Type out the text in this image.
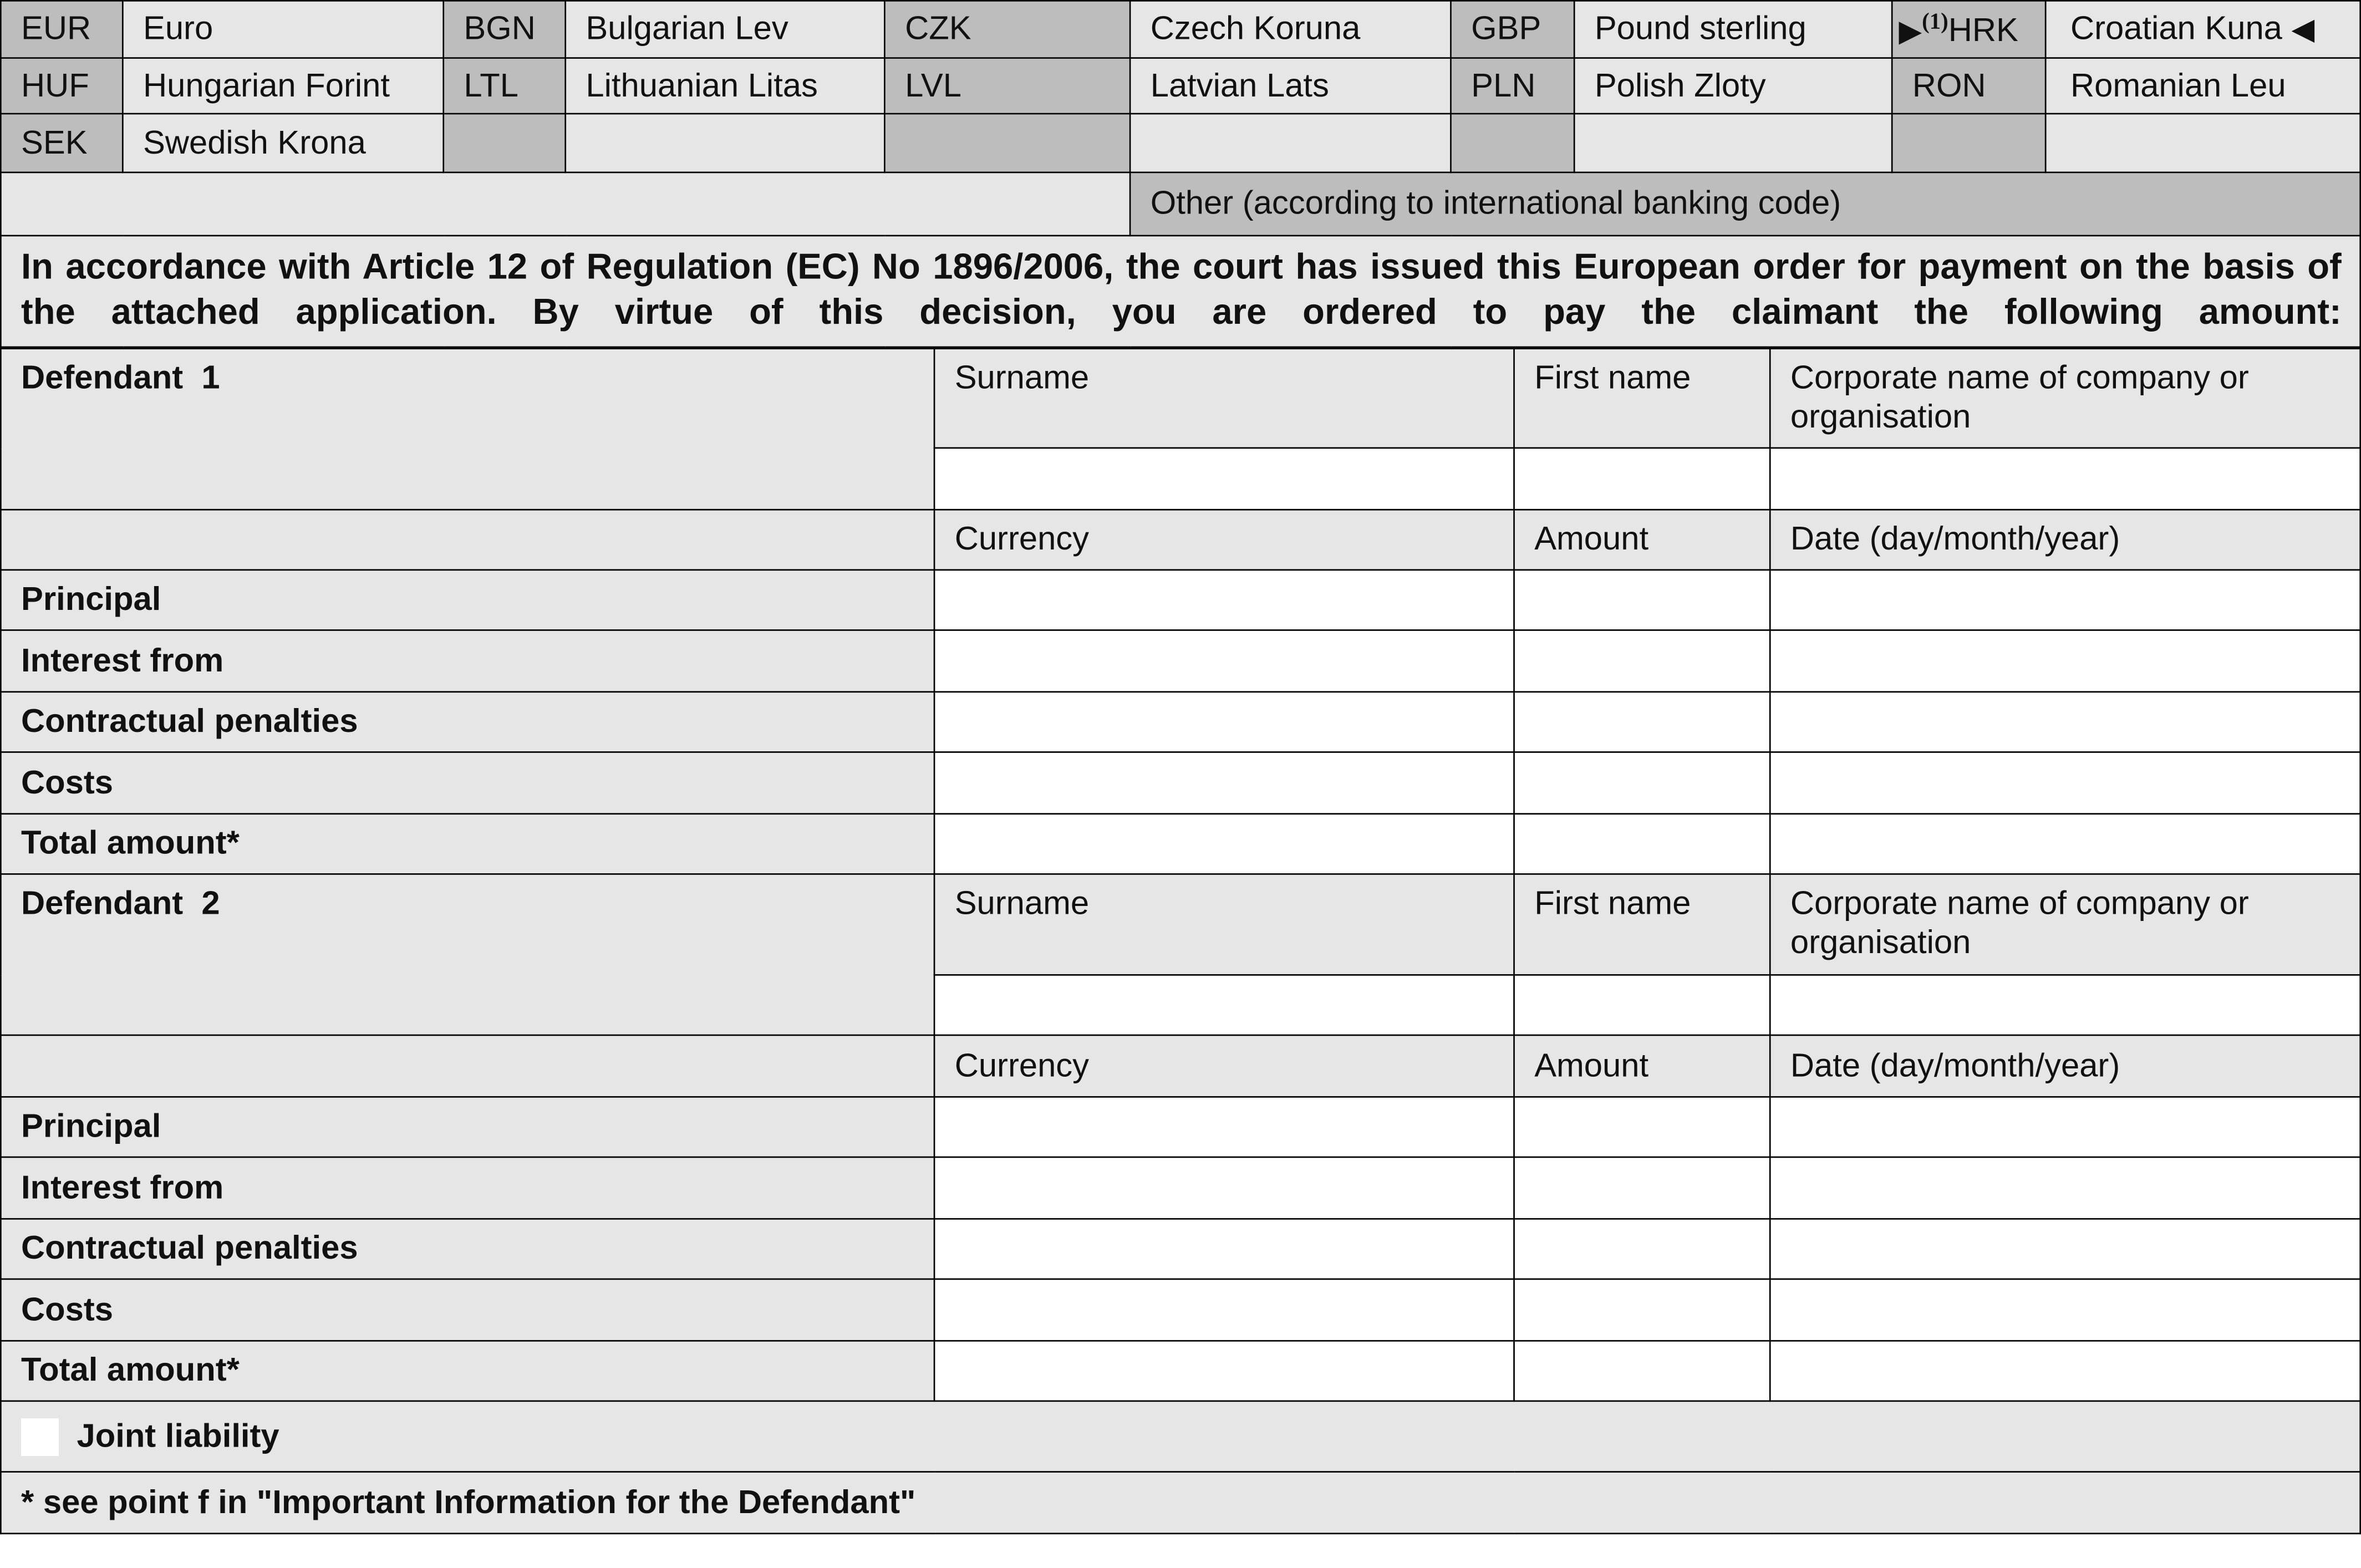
EUR	Euro	BGN	Bulgarian Lev	CZK	Czech Koruna	GBP	Pound sterling	▶$^{(1)}$HRK	Croatian Kuna ◀
HUF	Hungarian Forint	LTL	Lithuanian Litas	LVL	Latvian Lats	PLN	Polish Zloty	RON	Romanian Leu
SEK	Swedish Krona								
					Other (according to international banking code)				
In accordance with Article 12 of Regulation (EC) No 1896/2006, the court has issued this European order for payment on the basis of the attached application. By virtue of this decision, you are ordered to pay the claimant the following amount:									
Defendant 1	Surname	First name	Corporate name of company or organisation

	Currency	Amount	Date (day/month/year)
Principal			
Interest from			
Contractual penalties			
Costs			
Total amount*			
Defendant 2	Surname	First name	Corporate name of company or organisation

	Currency	Amount	Date (day/month/year)
Principal			
Interest from			
Contractual penalties			
Costs			
Total amount*			
Joint liability			
* see point f in "Important Information for the Defendant"			
